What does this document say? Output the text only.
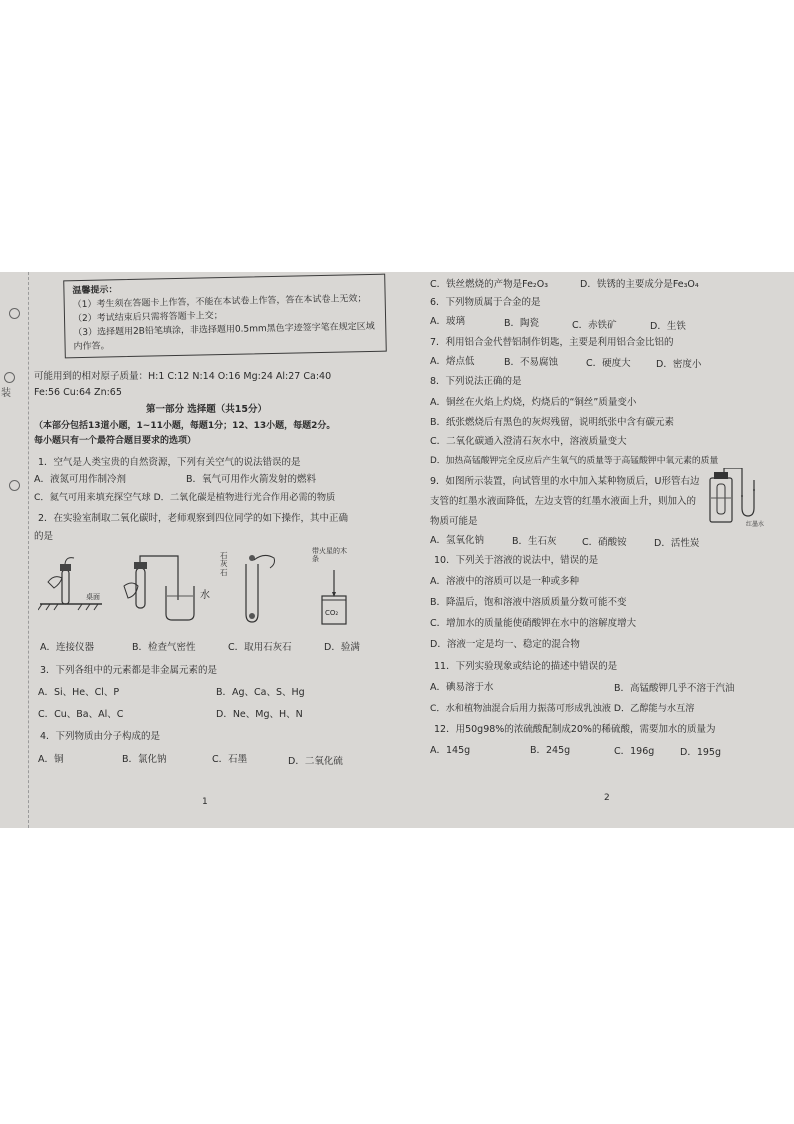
装
温馨提示：
（1）考生须在答题卡上作答，不能在本试卷上作答，答在本试卷上无效；
（2）考试结束后只需将答题卡上交；
（3）选择题用2B铅笔填涂，非选择题用0.5mm黑色字迹签字笔在规定区域内作答。
可能用到的相对原子质量：H:1 C:12 N:14 O:16 Mg:24 Al:27 Ca:40
Fe:56 Cu:64 Zn:65
第一部分 选择题（共15分）
（本部分包括13道小题，1~11小题，每题1分；12、13小题，每题2分。
每小题只有一个最符合题目要求的选项）
1．空气是人类宝贵的自然资源，下列有关空气的说法错误的是
A．液氮可用作制冷剂	B．氧气可用作火箭发射的燃料
C．氦气可用来填充探空气球 D．二氧化碳是植物进行光合作用必需的物质
2．在实验室制取二氧化碳时，老师观察到四位同学的如下操作，其中正确
的是
桌面	水
石灰石
带火星的木条
CO₂
A．连接仪器	B．检查气密性	C．取用石灰石	D．验满
3．下列各组中的元素都是非金属元素的是
A．Si、He、Cl、P	B．Ag、Ca、S、Hg
C．Cu、Ba、Al、C	D．Ne、Mg、H、N
4．下列物质由分子构成的是
A．铜	B．氯化钠	C．石墨	D．二氧化硫
1
C．铁丝燃烧的产物是Fe₂O₃	D．铁锈的主要成分是Fe₃O₄
6．下列物质属于合金的是
A．玻璃	B．陶瓷	C．赤铁矿	D．生铁
7．利用铝合金代替铝制作钥匙，主要是利用铝合金比铝的
A．熔点低	B．不易腐蚀	C．硬度大	D．密度小
8．下列说法正确的是
A．铜丝在火焰上灼烧，灼烧后的“铜丝”质量变小
B．纸张燃烧后有黑色的灰烬残留，说明纸张中含有碳元素
C．二氧化碳通入澄清石灰水中，溶液质量变大
D．加热高锰酸钾完全反应后产生氧气的质量等于高锰酸钾中氧元素的质量
9．如图所示装置，向试管里的水中加入某种物质后，U形管右边
支管的红墨水液面降低，左边支管的红墨水液面上升，则加入的
物质可能是
A．氢氧化钠	B．生石灰	C．硝酸铵	D．活性炭
红墨水
10．下列关于溶液的说法中，错误的是
A．溶液中的溶质可以是一种或多种
B．降温后，饱和溶液中溶质质量分数可能不变
C．增加水的质量能使硝酸钾在水中的溶解度增大
D．溶液一定是均一、稳定的混合物
11．下列实验现象或结论的描述中错误的是
A．碘易溶于水	B．高锰酸钾几乎不溶于汽油
C．水和植物油混合后用力振荡可形成乳浊液 D．乙醇能与水互溶
12．用50g98%的浓硫酸配制成20%的稀硫酸，需要加水的质量为
A．145g	B．245g	C．196g	D．195g
2
